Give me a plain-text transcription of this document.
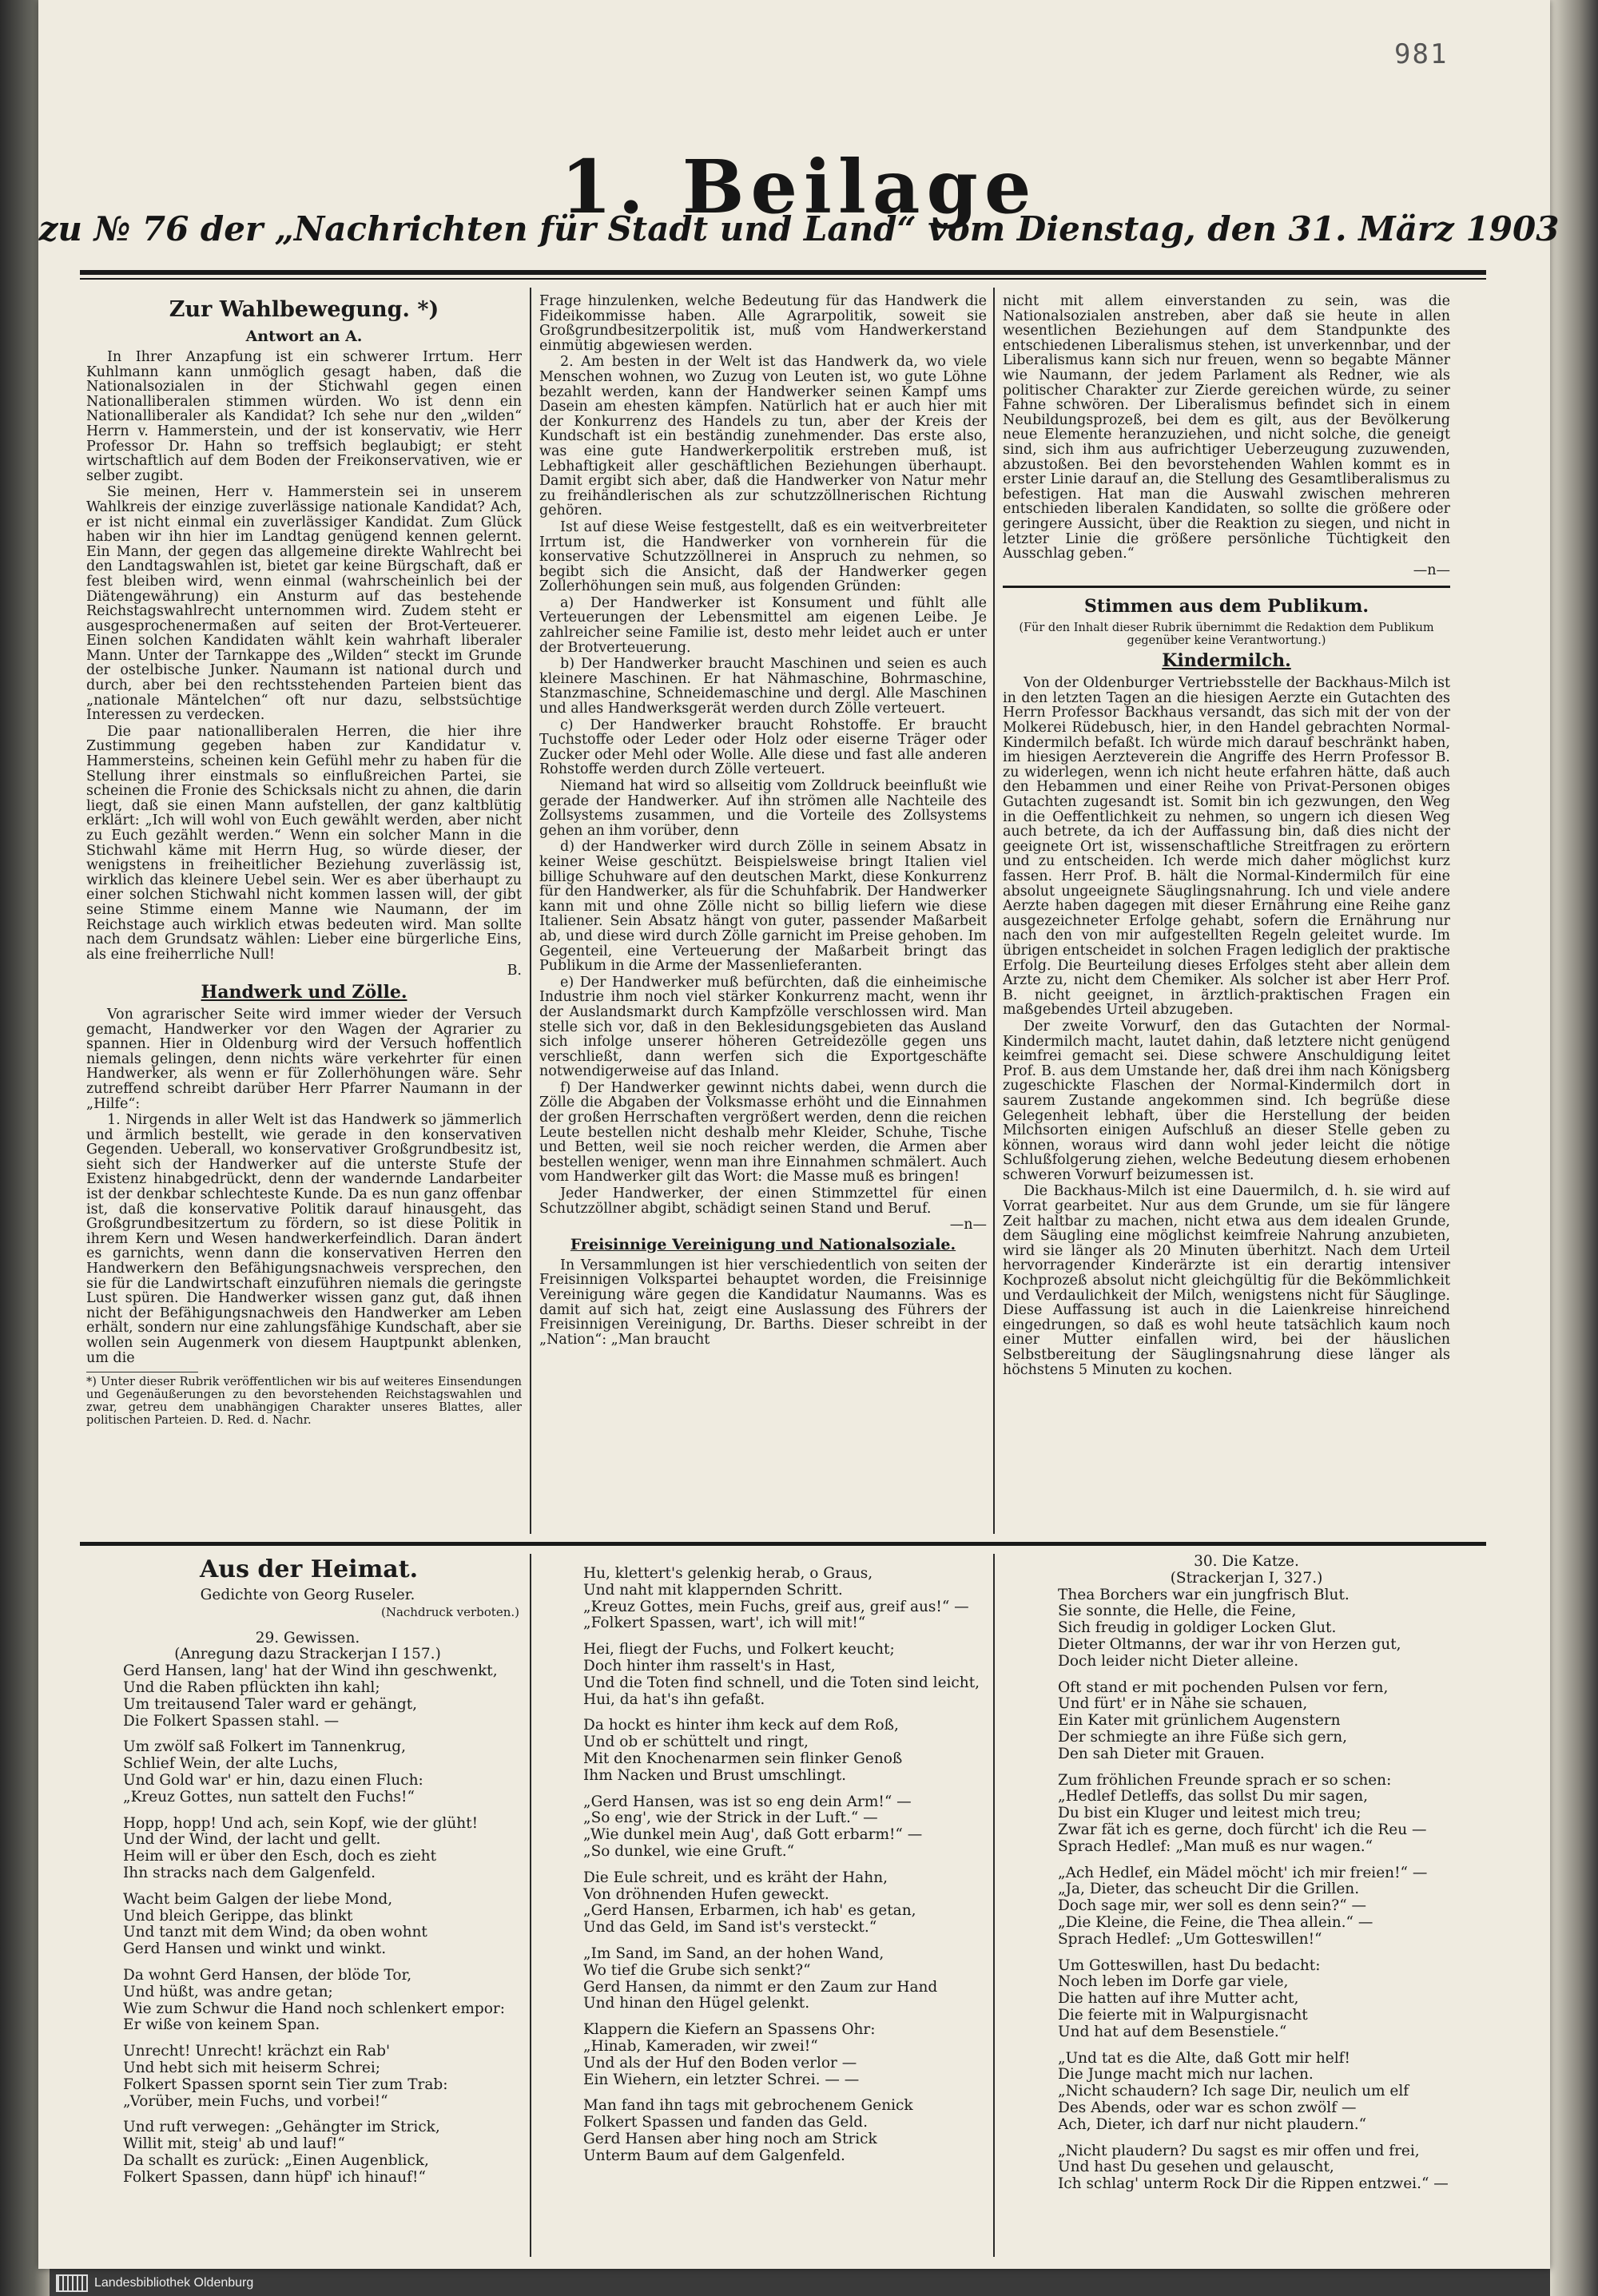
981
1. Beilage
zu № 76 der „Nachrichten für Stadt und Land“ vom Dienstag, den 31. März 1903
Zur Wahlbewegung. *)
Antwort an A.

In Ihrer Anzapfung ist ein schwerer Irrtum. Herr Kuhlmann kann unmöglich gesagt haben, daß die Nationalsozialen in der Stichwahl gegen einen Nationalliberalen stimmen würden. Wo ist denn ein Nationalliberaler als Kandidat? Ich sehe nur den „wilden“ Herrn v. Hammerstein, und der ist konservativ, wie Herr Professor Dr. Hahn so treffsich beglaubigt; er steht wirtschaftlich auf dem Boden der Freikonservativen, wie er selber zugibt.

Sie meinen, Herr v. Hammerstein sei in unserem Wahlkreis der einzige zuverlässige nationale Kandidat? Ach, er ist nicht einmal ein zuverlässiger Kandidat. Zum Glück haben wir ihn hier im Landtag genügend kennen gelernt. Ein Mann, der gegen das allgemeine direkte Wahlrecht bei den Landtagswahlen ist, bietet gar keine Bürgschaft, daß er fest bleiben wird, wenn einmal (wahrscheinlich bei der Diätengewährung) ein Ansturm auf das bestehende Reichstagswahlrecht unternommen wird. Zudem steht er ausgesprochenermaßen auf seiten der Brot-Verteuerer. Einen solchen Kandidaten wählt kein wahrhaft liberaler Mann. Unter der Tarnkappe des „Wilden“ steckt im Grunde der ostelbische Junker. Naumann ist national durch und durch, aber bei den rechtsstehenden Parteien bient das „nationale Mäntelchen“ oft nur dazu, selbstsüchtige Interessen zu verdecken.

Die paar nationalliberalen Herren, die hier ihre Zustimmung gegeben haben zur Kandidatur v. Hammersteins, scheinen kein Gefühl mehr zu haben für die Stellung ihrer einstmals so einflußreichen Partei, sie scheinen die Fronie des Schicksals nicht zu ahnen, die darin liegt, daß sie einen Mann aufstellen, der ganz kaltblütig erklärt: „Ich will wohl von Euch gewählt werden, aber nicht zu Euch gezählt werden.“ Wenn ein solcher Mann in die Stichwahl käme mit Herrn Hug, so würde dieser, der wenigstens in freiheitlicher Beziehung zuverlässig ist, wirklich das kleinere Uebel sein. Wer es aber überhaupt zu einer solchen Stichwahl nicht kommen lassen will, der gibt seine Stimme einem Manne wie Naumann, der im Reichstage auch wirklich etwas bedeuten wird. Man sollte nach dem Grundsatz wählen: Lieber eine bürgerliche Eins, als eine freiherrliche Null!

B.

Handwerk und Zölle.

Von agrarischer Seite wird immer wieder der Versuch gemacht, Handwerker vor den Wagen der Agrarier zu spannen. Hier in Oldenburg wird der Versuch hoffentlich niemals gelingen, denn nichts wäre verkehrter für einen Handwerker, als wenn er für Zollerhöhungen wäre. Sehr zutreffend schreibt darüber Herr Pfarrer Naumann in der „Hilfe“:

1. Nirgends in aller Welt ist das Handwerk so jämmerlich und ärmlich bestellt, wie gerade in den konservativen Gegenden. Ueberall, wo konservativer Großgrundbesitz ist, sieht sich der Handwerker auf die unterste Stufe der Existenz hinabgedrückt, denn der wandernde Landarbeiter ist der denkbar schlechteste Kunde. Da es nun ganz offenbar ist, daß die konservative Politik darauf hinausgeht, das Großgrundbesitzertum zu fördern, so ist diese Politik in ihrem Kern und Wesen handwerkerfeindlich. Daran ändert es garnichts, wenn dann die konservativen Herren den Handwerkern den Befähigungsnachweis versprechen, den sie für die Landwirtschaft einzuführen niemals die geringste Lust spüren. Die Handwerker wissen ganz gut, daß ihnen nicht der Befähigungsnachweis den Handwerker am Leben erhält, sondern nur eine zahlungsfähige Kundschaft, aber sie wollen sein Augenmerk von diesem Hauptpunkt ablenken, um die

*) Unter dieser Rubrik veröffentlichen wir bis auf weiteres Einsendungen und Gegenäußerungen zu den bevorstehenden Reichstagswahlen und zwar, getreu dem unabhängigen Charakter unseres Blattes, aller politischen Parteien. D. Red. d. Nachr.

Frage hinzulenken, welche Bedeutung für das Handwerk die Fideikommisse haben. Alle Agrarpolitik, soweit sie Großgrundbesitzerpolitik ist, muß vom Handwerkerstand einmütig abgewiesen werden.

2. Am besten in der Welt ist das Handwerk da, wo viele Menschen wohnen, wo Zuzug von Leuten ist, wo gute Löhne bezahlt werden, kann der Handwerker seinen Kampf ums Dasein am ehesten kämpfen. Natürlich hat er auch hier mit der Konkurrenz des Handels zu tun, aber der Kreis der Kundschaft ist ein beständig zunehmender. Das erste also, was eine gute Handwerkerpolitik erstreben muß, ist Lebhaftigkeit aller geschäftlichen Beziehungen überhaupt. Damit ergibt sich aber, daß die Handwerker von Natur mehr zu freihändlerischen als zur schutzzöllnerischen Richtung gehören.

Ist auf diese Weise festgestellt, daß es ein weitverbreiteter Irrtum ist, die Handwerker von vornherein für die konservative Schutzzöllnerei in Anspruch zu nehmen, so begibt sich die Ansicht, daß der Handwerker gegen Zollerhöhungen sein muß, aus folgenden Gründen:

a) Der Handwerker ist Konsument und fühlt alle Verteuerungen der Lebensmittel am eigenen Leibe. Je zahlreicher seine Familie ist, desto mehr leidet auch er unter der Brotverteuerung.

b) Der Handwerker braucht Maschinen und seien es auch kleinere Maschinen. Er hat Nähmaschine, Bohrmaschine, Stanzmaschine, Schneidemaschine und dergl. Alle Maschinen und alles Handwerksgerät werden durch Zölle verteuert.

c) Der Handwerker braucht Rohstoffe. Er braucht Tuchstoffe oder Leder oder Holz oder eiserne Träger oder Zucker oder Mehl oder Wolle. Alle diese und fast alle anderen Rohstoffe werden durch Zölle verteuert.

Niemand hat wird so allseitig vom Zolldruck beeinflußt wie gerade der Handwerker. Auf ihn strömen alle Nachteile des Zollsystems zusammen, und die Vorteile des Zollsystems gehen an ihm vorüber, denn

d) der Handwerker wird durch Zölle in seinem Absatz in keiner Weise geschützt. Beispielsweise bringt Italien viel billige Schuhware auf den deutschen Markt, diese Konkurrenz für den Handwerker, als für die Schuhfabrik. Der Handwerker kann mit und ohne Zölle nicht so billig liefern wie diese Italiener. Sein Absatz hängt von guter, passender Maßarbeit ab, und diese wird durch Zölle garnicht im Preise gehoben. Im Gegenteil, eine Verteuerung der Maßarbeit bringt das Publikum in die Arme der Massenlieferanten.

e) Der Handwerker muß befürchten, daß die einheimische Industrie ihm noch viel stärker Konkurrenz macht, wenn ihr der Auslandsmarkt durch Kampfzölle verschlossen wird. Man stelle sich vor, daß in den Beklesidungsgebieten das Ausland sich infolge unserer höheren Getreidezölle gegen uns verschließt, dann werfen sich die Exportgeschäfte notwendigerweise auf das Inland.

f) Der Handwerker gewinnt nichts dabei, wenn durch die Zölle die Abgaben der Volksmasse erhöht und die Einnahmen der großen Herrschaften vergrößert werden, denn die reichen Leute bestellen nicht deshalb mehr Kleider, Schuhe, Tische und Betten, weil sie noch reicher werden, die Armen aber bestellen weniger, wenn man ihre Einnahmen schmälert. Auch vom Handwerker gilt das Wort: die Masse muß es bringen!

Jeder Handwerker, der einen Stimmzettel für einen Schutzzöllner abgibt, schädigt seinen Stand und Beruf.

—n—

Freisinnige Vereinigung und Nationalsoziale.

In Versammlungen ist hier verschiedentlich von seiten der Freisinnigen Volkspartei behauptet worden, die Freisinnige Vereinigung wäre gegen die Kandidatur Naumanns. Was es damit auf sich hat, zeigt eine Auslassung des Führers der Freisinnigen Vereinigung, Dr. Barths. Dieser schreibt in der „Nation“: „Man braucht

nicht mit allem einverstanden zu sein, was die Nationalsozialen anstreben, aber daß sie heute in allen wesentlichen Beziehungen auf dem Standpunkte des entschiedenen Liberalismus stehen, ist unverkennbar, und der Liberalismus kann sich nur freuen, wenn so begabte Männer wie Naumann, der jedem Parlament als Redner, wie als politischer Charakter zur Zierde gereichen würde, zu seiner Fahne schwören. Der Liberalismus befindet sich in einem Neubildungsprozeß, bei dem es gilt, aus der Bevölkerung neue Elemente heranzuziehen, und nicht solche, die geneigt sind, sich ihm aus aufrichtiger Ueberzeugung zuzuwenden, abzustoßen. Bei den bevorstehenden Wahlen kommt es in erster Linie darauf an, die Stellung des Gesamtliberalismus zu befestigen. Hat man die Auswahl zwischen mehreren entschieden liberalen Kandidaten, so sollte die größere oder geringere Aussicht, über die Reaktion zu siegen, und nicht in letzter Linie die größere persönliche Tüchtigkeit den Ausschlag geben.“

—n—

Stimmen aus dem Publikum.

(Für den Inhalt dieser Rubrik übernimmt die Redaktion dem Publikum gegenüber keine Verantwortung.)

Kindermilch.

Von der Oldenburger Vertriebsstelle der Backhaus-Milch ist in den letzten Tagen an die hiesigen Aerzte ein Gutachten des Herrn Professor Backhaus versandt, das sich mit der von der Molkerei Rüdebusch, hier, in den Handel gebrachten Normal-Kindermilch befaßt. Ich würde mich darauf beschränkt haben, im hiesigen Aerzteverein die Angriffe des Herrn Professor B. zu widerlegen, wenn ich nicht heute erfahren hätte, daß auch den Hebammen und einer Reihe von Privat-Personen obiges Gutachten zugesandt ist. Somit bin ich gezwungen, den Weg in die Oeffentlichkeit zu nehmen, so ungern ich diesen Weg auch betrete, da ich der Auffassung bin, daß dies nicht der geeignete Ort ist, wissenschaftliche Streitfragen zu erörtern und zu entscheiden. Ich werde mich daher möglichst kurz fassen. Herr Prof. B. hält die Normal-Kindermilch für eine absolut ungeeignete Säuglingsnahrung. Ich und viele andere Aerzte haben dagegen mit dieser Ernährung eine Reihe ganz ausgezeichneter Erfolge gehabt, sofern die Ernährung nur nach den von mir aufgestellten Regeln geleitet wurde. Im übrigen entscheidet in solchen Fragen lediglich der praktische Erfolg. Die Beurteilung dieses Erfolges steht aber allein dem Arzte zu, nicht dem Chemiker. Als solcher ist aber Herr Prof. B. nicht geeignet, in ärztlich-praktischen Fragen ein maßgebendes Urteil abzugeben.

Der zweite Vorwurf, den das Gutachten der Normal-Kindermilch macht, lautet dahin, daß letztere nicht genügend keimfrei gemacht sei. Diese schwere Anschuldigung leitet Prof. B. aus dem Umstande her, daß drei ihm nach Königsberg zugeschickte Flaschen der Normal-Kindermilch dort in saurem Zustande angekommen sind. Ich begrüße diese Gelegenheit lebhaft, über die Herstellung der beiden Milchsorten einigen Aufschluß an dieser Stelle geben zu können, woraus wird dann wohl jeder leicht die nötige Schlußfolgerung ziehen, welche Bedeutung diesem erhobenen schweren Vorwurf beizumessen ist.

Die Backhaus-Milch ist eine Dauermilch, d. h. sie wird auf Vorrat gearbeitet. Nur aus dem Grunde, um sie für längere Zeit haltbar zu machen, nicht etwa aus dem idealen Grunde, dem Säugling eine möglichst keimfreie Nahrung anzubieten, wird sie länger als 20 Minuten überhitzt. Nach dem Urteil hervorragender Kinderärzte ist ein derartig intensiver Kochprozeß absolut nicht gleichgültig für die Bekömmlichkeit und Verdaulichkeit der Milch, wenigstens nicht für Säuglinge. Diese Auffassung ist auch in die Laienkreise hinreichend eingedrungen, so daß es wohl heute tatsächlich kaum noch einer Mutter einfallen wird, bei der häuslichen Selbstbereitung der Säuglingsnahrung diese länger als höchstens 5 Minuten zu kochen.

Aus der Heimat.
Gedichte von Georg Ruseler.
(Nachdruck verboten.)
29. Gewissen.
(Anregung dazu Strackerjan I 157.)
Gerd Hansen, lang' hat der Wind ihn geschwenkt,
Und die Raben pflückten ihn kahl;
Um treitausend Taler ward er gehängt,
Die Folkert Spassen stahl. —
Um zwölf saß Folkert im Tannenkrug,
Schlief Wein, der alte Luchs,
Und Gold war' er hin, dazu einen Fluch:
„Kreuz Gottes, nun sattelt den Fuchs!“
Hopp, hopp! Und ach, sein Kopf, wie der glüht!
Und der Wind, der lacht und gellt.
Heim will er über den Esch, doch es zieht
Ihn stracks nach dem Galgenfeld.
Wacht beim Galgen der liebe Mond,
Und bleich Gerippe, das blinkt
Und tanzt mit dem Wind; da oben wohnt
Gerd Hansen und winkt und winkt.
Da wohnt Gerd Hansen, der blöde Tor,
Und hüßt, was andre getan;
Wie zum Schwur die Hand noch schlenkert empor:
Er wiße von keinem Span.
Unrecht! Unrecht! krächzt ein Rab'
Und hebt sich mit heiserm Schrei;
Folkert Spassen spornt sein Tier zum Trab:
„Vorüber, mein Fuchs, und vorbei!“
Und ruft verwegen: „Gehängter im Strick,
Willit mit, steig' ab und lauf!“
Da schallt es zurück: „Einen Augenblick,
Folkert Spassen, dann hüpf' ich hinauf!“
Hu, klettert's gelenkig herab, o Graus,
Und naht mit klappernden Schritt.
„Kreuz Gottes, mein Fuchs, greif aus, greif aus!“ —
„Folkert Spassen, wart', ich will mit!“
Hei, fliegt der Fuchs, und Folkert keucht;
Doch hinter ihm rasselt's in Hast,
Und die Toten find schnell, und die Toten sind leicht,
Hui, da hat's ihn gefaßt.
Da hockt es hinter ihm keck auf dem Roß,
Und ob er schüttelt und ringt,
Mit den Knochenarmen sein flinker Genoß
Ihm Nacken und Brust umschlingt.
„Gerd Hansen, was ist so eng dein Arm!“ —
„So eng', wie der Strick in der Luft.“ —
„Wie dunkel mein Aug', daß Gott erbarm!“ —
„So dunkel, wie eine Gruft.“
Die Eule schreit, und es kräht der Hahn,
Von dröhnenden Hufen geweckt.
„Gerd Hansen, Erbarmen, ich hab' es getan,
Und das Geld, im Sand ist's versteckt.“
„Im Sand, im Sand, an der hohen Wand,
Wo tief die Grube sich senkt?“
Gerd Hansen, da nimmt er den Zaum zur Hand
Und hinan den Hügel gelenkt.
Klappern die Kiefern an Spassens Ohr:
„Hinab, Kameraden, wir zwei!“
Und als der Huf den Boden verlor —
Ein Wiehern, ein letzter Schrei. — —
Man fand ihn tags mit gebrochenem Genick
Folkert Spassen und fanden das Geld.
Gerd Hansen aber hing noch am Strick
Unterm Baum auf dem Galgenfeld.
30. Die Katze.
(Strackerjan I, 327.)
Thea Borchers war ein jungfrisch Blut.
Sie sonnte, die Helle, die Feine,
Sich freudig in goldiger Locken Glut.
Dieter Oltmanns, der war ihr von Herzen gut,
Doch leider nicht Dieter alleine.
Oft stand er mit pochenden Pulsen vor fern,
Und fürt' er in Nähe sie schauen,
Ein Kater mit grünlichem Augenstern
Der schmiegte an ihre Füße sich gern,
Den sah Dieter mit Grauen.
Zum fröhlichen Freunde sprach er so schen:
„Hedlef Detleffs, das sollst Du mir sagen,
Du bist ein Kluger und leitest mich treu;
Zwar fät ich es gerne, doch fürcht' ich die Reu —
Sprach Hedlef: „Man muß es nur wagen.“
„Ach Hedlef, ein Mädel möcht' ich mir freien!“ —
„Ja, Dieter, das scheucht Dir die Grillen.
Doch sage mir, wer soll es denn sein?“ —
„Die Kleine, die Feine, die Thea allein.“ —
Sprach Hedlef: „Um Gotteswillen!“
Um Gotteswillen, hast Du bedacht:
Noch leben im Dorfe gar viele,
Die hatten auf ihre Mutter acht,
Die feierte mit in Walpurgisnacht
Und hat auf dem Besenstiele.“
„Und tat es die Alte, daß Gott mir helf!
Die Junge macht mich nur lachen.
„Nicht schaudern? Ich sage Dir, neulich um elf
Des Abends, oder war es schon zwölf —
Ach, Dieter, ich darf nur nicht plaudern.“
„Nicht plaudern? Du sagst es mir offen und frei,
Und hast Du gesehen und gelauscht,
Ich schlag' unterm Rock Dir die Rippen entzwei.“ —
Landesbibliothek Oldenburg
